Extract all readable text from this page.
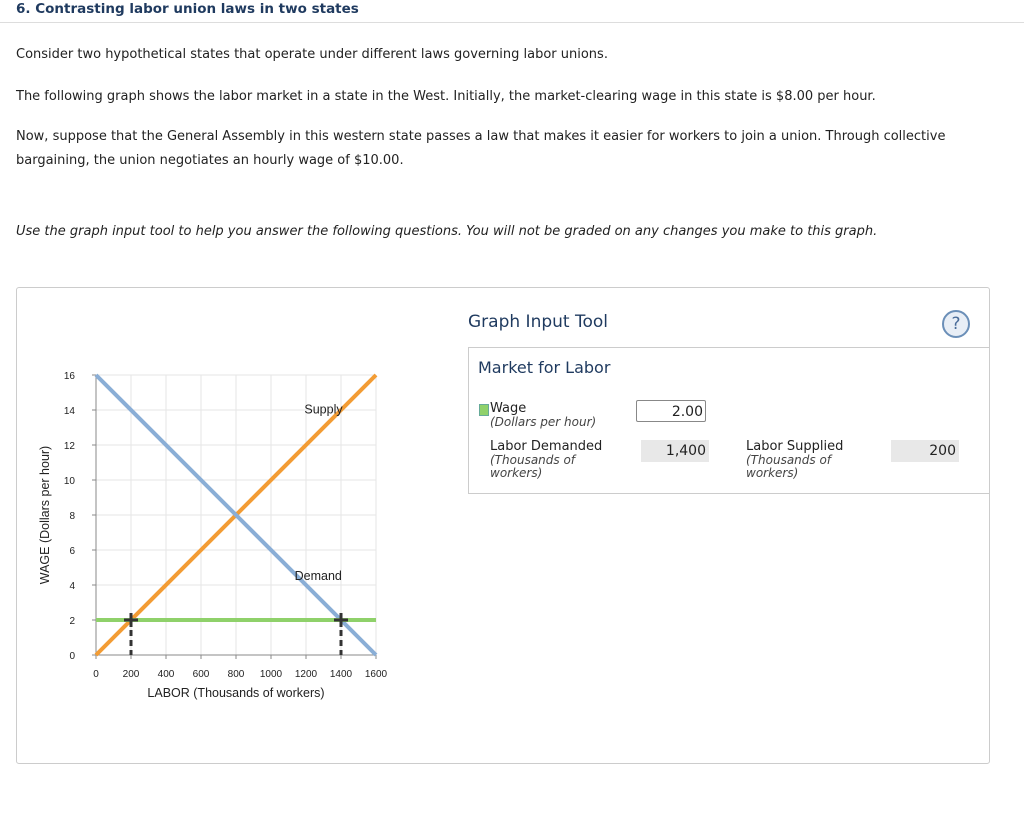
6. Contrasting labor union laws in two states
Consider two hypothetical states that operate under different laws governing labor unions.
The following graph shows the labor market in a state in the West. Initially, the market-clearing wage in this state is $8.00 per hour.
Now, suppose that the General Assembly in this western state passes a law that makes it easier for workers to join a union. Through collective bargaining, the union negotiates an hourly wage of $10.00.
Use the graph input tool to help you answer the following questions. You will not be graded on any changes you make to this graph.
0 200 400 600 800 1000 1200 1400 1600
0
2
4
6
8
10
12
14
16
LABOR (Thousands of workers)
WAGE (Dollars per hour)
Supply
Demand
Graph Input Tool	?
Market for Labor
Wage
(Dollars per hour)
2.00
Labor Demanded
(Thousands of workers)
1,400	Labor Supplied
(Thousands of workers)
200
